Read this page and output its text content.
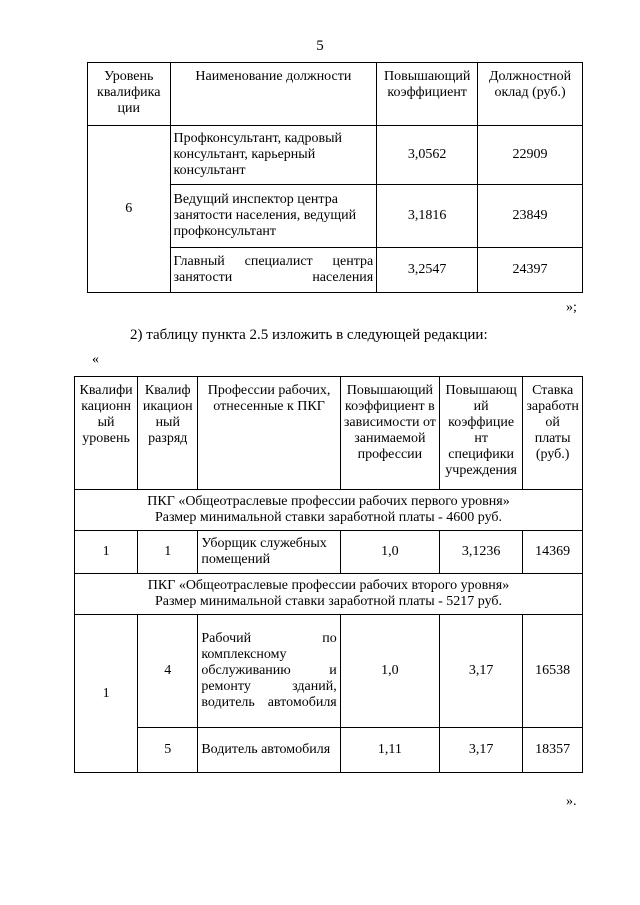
5
Уровень квалифика ции	Наименование должности	Повышающий коэффициент	Должностной оклад (руб.)
6	Профконсультант, кадровый консультант, карьерный консультант	3,0562	22909
	Ведущий инспектор центра занятости населения, ведущий профконсультант	3,1816	23849
	Главный специалист центра занятости населения	3,2547	24397
»;
2) таблицу пункта 2.5 изложить в следующей редакции:
«
Квалифи кационн ый уровень	Квалиф икацион ный разряд	Профессии рабочих, отнесенные к ПКГ	Повышающий коэффициент в зависимости от занимаемой профессии	Повышающ ий коэффицие нт специфики учреждения	Ставка заработн ой платы (руб.)

ПКГ «Общеотраслевые профессии рабочих первого уровня»
Размер минимальной ставки заработной платы - 4600 руб.					

1	1	Уборщик служебных помещений	1,0	3,1236	14369

ПКГ «Общеотраслевые профессии рабочих второго уровня»
Размер минимальной ставки заработной платы - 5217 руб.					

1	4	Рабочий по комплексному обслуживанию и ремонту зданий, водитель автомобиля	1,0	3,17	16538
	5	Водитель автомобиля	1,11	3,17	18357
».
